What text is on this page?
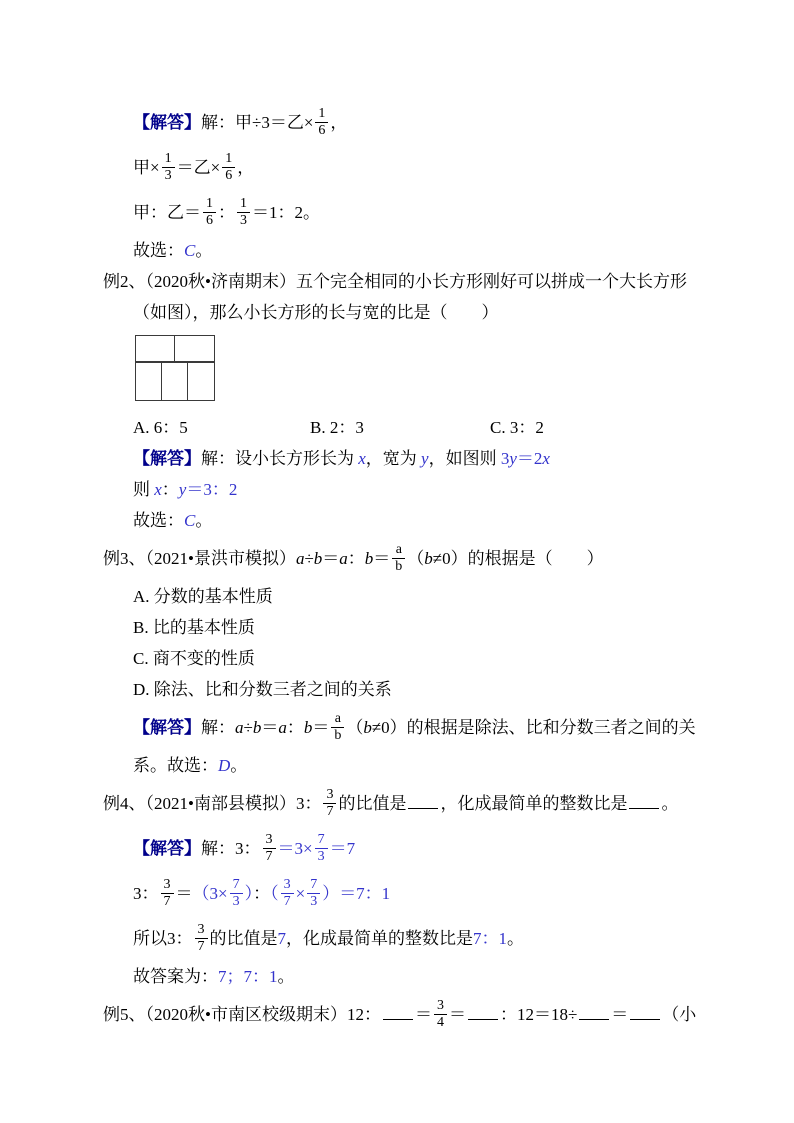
【解答】解：甲÷3＝乙× $\frac{1}{6}$ ，
甲× $\frac{1}{3}$ ＝乙× $\frac{1}{6}$ ，
甲：乙＝ $\frac{1}{6}$ ： $\frac{1}{3} =1$：2。
故选：C。
例2、（2020秋•济南期末）五个完全相同的小长方形刚好可以拼成一个大长方形
（如图），那么小长方形的长与宽的比是（　　）
A. 6：5	B. 2：3	C. 3：2
【解答】解：设小长方形长为 x，宽为 y，如图则 3y＝2x
则 x：y＝3：2
故选：C。
例3、（2021•景洪市模拟）a÷b＝a：$b= \frac{a}{b} (b\ne 0)$的根据是（　　）
A. 分数的基本性质
B. 比的基本性质
C. 商不变的性质
D. 除法、比和分数三者之间的关系
【解答】解：a÷b＝a：$b= \frac{a}{b} (b\ne 0)$的根据是除法、比和分数三者之间的关
系。故选：D。
例4、（2021•南部县模拟）3： $\frac{3}{7}$ 的比值是 ，化成最简单的整数比是 。
【解答】解：3： $\frac{3}{7} =3\times \frac{7}{3} =7$
3： $\frac{3}{7} =(3\times \frac{7}{3}$ ）：（ $\frac{3}{7} \times \frac{7}{3} )=7$：1
所以3： $\frac{3}{7}$ 的比值是7，化成最简单的整数比是7：1。
故答案为：7；7：1。
例5、（2020秋•市南区校级期末）12： ＝ $\frac{3}{4}$ ＝ ：12＝18÷ ＝ （小
